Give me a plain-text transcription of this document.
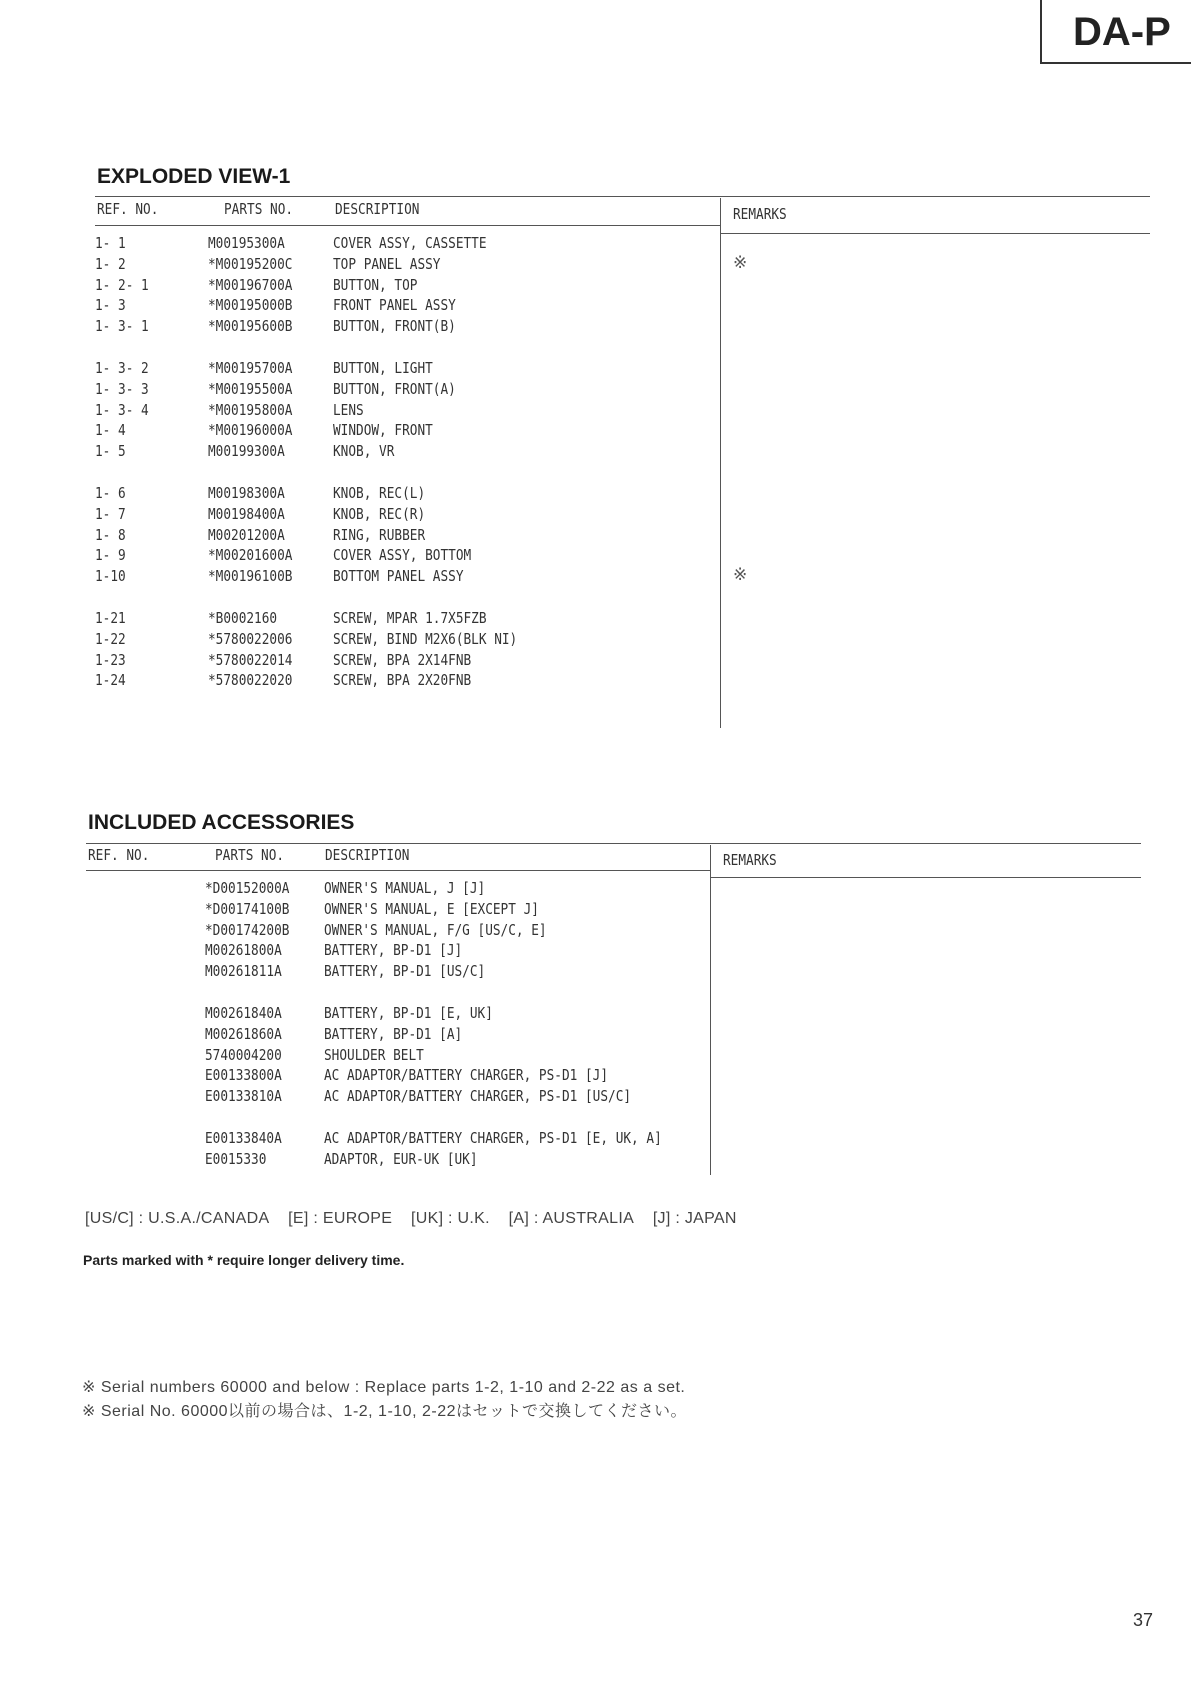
DA-P
EXPLODED VIEW-1
REF. NO.	PARTS NO.	DESCRIPTION	REMARKS
1- 1	M00195300A	COVER ASSY, CASSETTE
1- 2	*M00195200C	TOP PANEL ASSY	※
1- 2- 1	*M00196700A	BUTTON, TOP
1- 3	*M00195000B	FRONT PANEL ASSY
1- 3- 1	*M00195600B	BUTTON, FRONT(B)
1- 3- 2	*M00195700A	BUTTON, LIGHT
1- 3- 3	*M00195500A	BUTTON, FRONT(A)
1- 3- 4	*M00195800A	LENS
1- 4	*M00196000A	WINDOW, FRONT
1- 5	M00199300A	KNOB, VR
1- 6	M00198300A	KNOB, REC(L)
1- 7	M00198400A	KNOB, REC(R)
1- 8	M00201200A	RING, RUBBER
1- 9	*M00201600A	COVER ASSY, BOTTOM
1-10	*M00196100B	BOTTOM PANEL ASSY	※
1-21	*B0002160	SCREW, MPAR 1.7X5FZB
1-22	*5780022006	SCREW, BIND M2X6(BLK NI)
1-23	*5780022014	SCREW, BPA 2X14FNB
1-24	*5780022020	SCREW, BPA 2X20FNB
INCLUDED ACCESSORIES
REF. NO.	PARTS NO.	DESCRIPTION	REMARKS
*D00152000A OWNER'S MANUAL, J [J]
*D00174100B OWNER'S MANUAL, E [EXCEPT J]
*D00174200B OWNER'S MANUAL, F/G [US/C, E]
M00261800A	BATTERY, BP-D1 [J]
M00261811A	BATTERY, BP-D1 [US/C]
M00261840A	BATTERY, BP-D1 [E, UK]
M00261860A	BATTERY, BP-D1 [A]
5740004200	SHOULDER BELT
E00133800A	AC ADAPTOR/BATTERY CHARGER, PS-D1 [J]
E00133810A	AC ADAPTOR/BATTERY CHARGER, PS-D1 [US/C]
E00133840A	AC ADAPTOR/BATTERY CHARGER, PS-D1 [E, UK, A]
E0015330	ADAPTOR, EUR-UK [UK]
[US/C] : U.S.A./CANADA [E] : EUROPE [UK] : U.K. [A] : AUSTRALIA [J] : JAPAN
Parts marked with * require longer delivery time.
※ Serial numbers 60000 and below : Replace parts 1-2, 1-10 and 2-22 as a set.
※ Serial No. 60000以前の場合は、1-2, 1-10, 2-22はセットで交換してください。
37
